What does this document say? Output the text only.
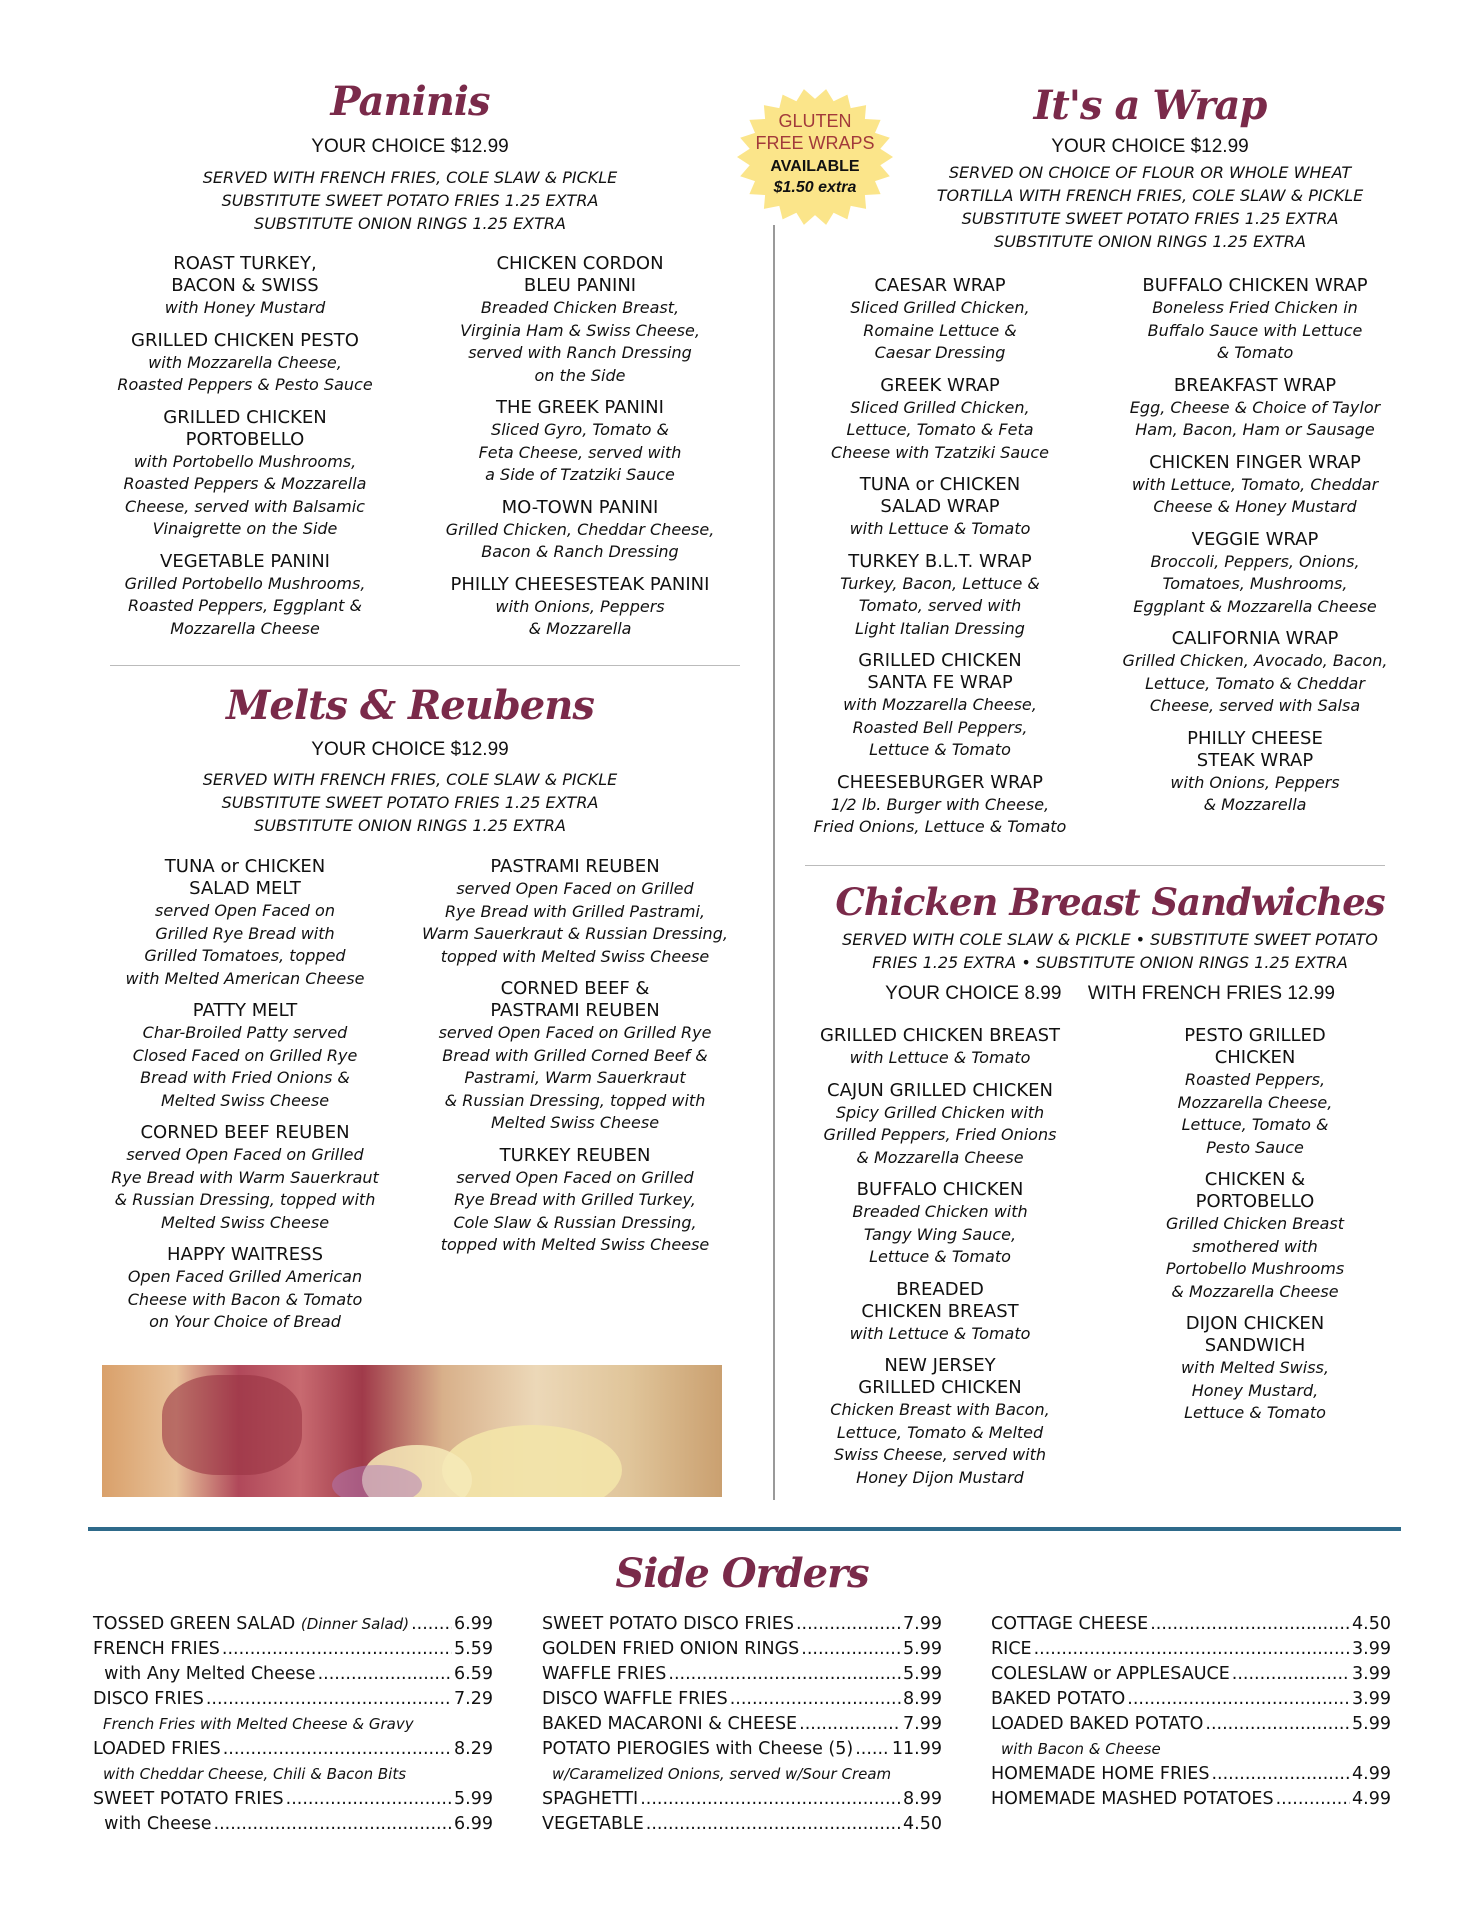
Paninis
YOUR CHOICE $12.99
SERVED WITH FRENCH FRIES, COLE SLAW & PICKLE
SUBSTITUTE SWEET POTATO FRIES 1.25 EXTRA
SUBSTITUTE ONION RINGS 1.25 EXTRA
ROAST TURKEY,
BACON & SWISS
with Honey Mustard
GRILLED CHICKEN PESTO
with Mozzarella Cheese,
Roasted Peppers & Pesto Sauce
GRILLED CHICKEN
PORTOBELLO
with Portobello Mushrooms,
Roasted Peppers & Mozzarella
Cheese, served with Balsamic
Vinaigrette on the Side
VEGETABLE PANINI
Grilled Portobello Mushrooms,
Roasted Peppers, Eggplant &
Mozzarella Cheese
CHICKEN CORDON
BLEU PANINI
Breaded Chicken Breast,
Virginia Ham & Swiss Cheese,
served with Ranch Dressing
on the Side
THE GREEK PANINI
Sliced Gyro, Tomato &
Feta Cheese, served with
a Side of Tzatziki Sauce
MO-TOWN PANINI
Grilled Chicken, Cheddar Cheese,
Bacon & Ranch Dressing
PHILLY CHEESESTEAK PANINI
with Onions, Peppers
& Mozzarella
GLUTEN
FREE WRAPS
AVAILABLE
$1.50 extra
It's a Wrap
YOUR CHOICE $12.99
SERVED ON CHOICE OF FLOUR OR WHOLE WHEAT
TORTILLA WITH FRENCH FRIES, COLE SLAW & PICKLE
SUBSTITUTE SWEET POTATO FRIES 1.25 EXTRA
SUBSTITUTE ONION RINGS 1.25 EXTRA
CAESAR WRAP
Sliced Grilled Chicken,
Romaine Lettuce &
Caesar Dressing
GREEK WRAP
Sliced Grilled Chicken,
Lettuce, Tomato & Feta
Cheese with Tzatziki Sauce
TUNA or CHICKEN
SALAD WRAP
with Lettuce & Tomato
TURKEY B.L.T. WRAP
Turkey, Bacon, Lettuce &
Tomato, served with
Light Italian Dressing
GRILLED CHICKEN
SANTA FE WRAP
with Mozzarella Cheese,
Roasted Bell Peppers,
Lettuce & Tomato
CHEESEBURGER WRAP
1/2 lb. Burger with Cheese,
Fried Onions, Lettuce & Tomato
BUFFALO CHICKEN WRAP
Boneless Fried Chicken in
Buffalo Sauce with Lettuce
& Tomato
BREAKFAST WRAP
Egg, Cheese & Choice of Taylor
Ham, Bacon, Ham or Sausage
CHICKEN FINGER WRAP
with Lettuce, Tomato, Cheddar
Cheese & Honey Mustard
VEGGIE WRAP
Broccoli, Peppers, Onions,
Tomatoes, Mushrooms,
Eggplant & Mozzarella Cheese
CALIFORNIA WRAP
Grilled Chicken, Avocado, Bacon,
Lettuce, Tomato & Cheddar
Cheese, served with Salsa
PHILLY CHEESE
STEAK WRAP
with Onions, Peppers
& Mozzarella
Melts & Reubens
YOUR CHOICE $12.99
SERVED WITH FRENCH FRIES, COLE SLAW & PICKLE
SUBSTITUTE SWEET POTATO FRIES 1.25 EXTRA
SUBSTITUTE ONION RINGS 1.25 EXTRA
TUNA or CHICKEN
SALAD MELT
served Open Faced on
Grilled Rye Bread with
Grilled Tomatoes, topped
with Melted American Cheese
PATTY MELT
Char-Broiled Patty served
Closed Faced on Grilled Rye
Bread with Fried Onions &
Melted Swiss Cheese
CORNED BEEF REUBEN
served Open Faced on Grilled
Rye Bread with Warm Sauerkraut
& Russian Dressing, topped with
Melted Swiss Cheese
HAPPY WAITRESS
Open Faced Grilled American
Cheese with Bacon & Tomato
on Your Choice of Bread
PASTRAMI REUBEN
served Open Faced on Grilled
Rye Bread with Grilled Pastrami,
Warm Sauerkraut & Russian Dressing,
topped with Melted Swiss Cheese
CORNED BEEF &
PASTRAMI REUBEN
served Open Faced on Grilled Rye
Bread with Grilled Corned Beef &
Pastrami, Warm Sauerkraut
& Russian Dressing, topped with
Melted Swiss Cheese
TURKEY REUBEN
served Open Faced on Grilled
Rye Bread with Grilled Turkey,
Cole Slaw & Russian Dressing,
topped with Melted Swiss Cheese
Chicken Breast Sandwiches
SERVED WITH COLE SLAW & PICKLE • SUBSTITUTE SWEET POTATO
FRIES 1.25 EXTRA • SUBSTITUTE ONION RINGS 1.25 EXTRA
YOUR CHOICE 8.99 WITH FRENCH FRIES 12.99
GRILLED CHICKEN BREAST
with Lettuce & Tomato
CAJUN GRILLED CHICKEN
Spicy Grilled Chicken with
Grilled Peppers, Fried Onions
& Mozzarella Cheese
BUFFALO CHICKEN
Breaded Chicken with
Tangy Wing Sauce,
Lettuce & Tomato
BREADED
CHICKEN BREAST
with Lettuce & Tomato
NEW JERSEY
GRILLED CHICKEN
Chicken Breast with Bacon,
Lettuce, Tomato & Melted
Swiss Cheese, served with
Honey Dijon Mustard
PESTO GRILLED
CHICKEN
Roasted Peppers,
Mozzarella Cheese,
Lettuce, Tomato &
Pesto Sauce
CHICKEN &
PORTOBELLO
Grilled Chicken Breast
smothered with
Portobello Mushrooms
& Mozzarella Cheese
DIJON CHICKEN
SANDWICH
with Melted Swiss,
Honey Mustard,
Lettuce & Tomato
Side Orders
TOSSED GREEN SALAD (Dinner Salad) .....	6.99
FRENCH FRIES .....	5.59
with Any Melted Cheese .....	6.59
DISCO FRIES .....	7.29
French Fries with Melted Cheese & Gravy
LOADED FRIES .....	8.29
with Cheddar Cheese, Chili & Bacon Bits
SWEET POTATO FRIES .....	5.99
with Cheese .....	6.99
SWEET POTATO DISCO FRIES .....	7.99
GOLDEN FRIED ONION RINGS .....	5.99
WAFFLE FRIES .....	5.99
DISCO WAFFLE FRIES .....	8.99
BAKED MACARONI & CHEESE .....	7.99
POTATO PIEROGIES with Cheese (5) ..... 11.99
w/Caramelized Onions, served w/Sour Cream
SPAGHETTI .....	8.99
VEGETABLE .....	4.50
COTTAGE CHEESE .....	4.50
RICE .....	3.99
COLESLAW or APPLESAUCE .....	3.99
BAKED POTATO .....	3.99
LOADED BAKED POTATO .....	5.99
with Bacon & Cheese
HOMEMADE HOME FRIES .....	4.99
HOMEMADE MASHED POTATOES .....	4.99
